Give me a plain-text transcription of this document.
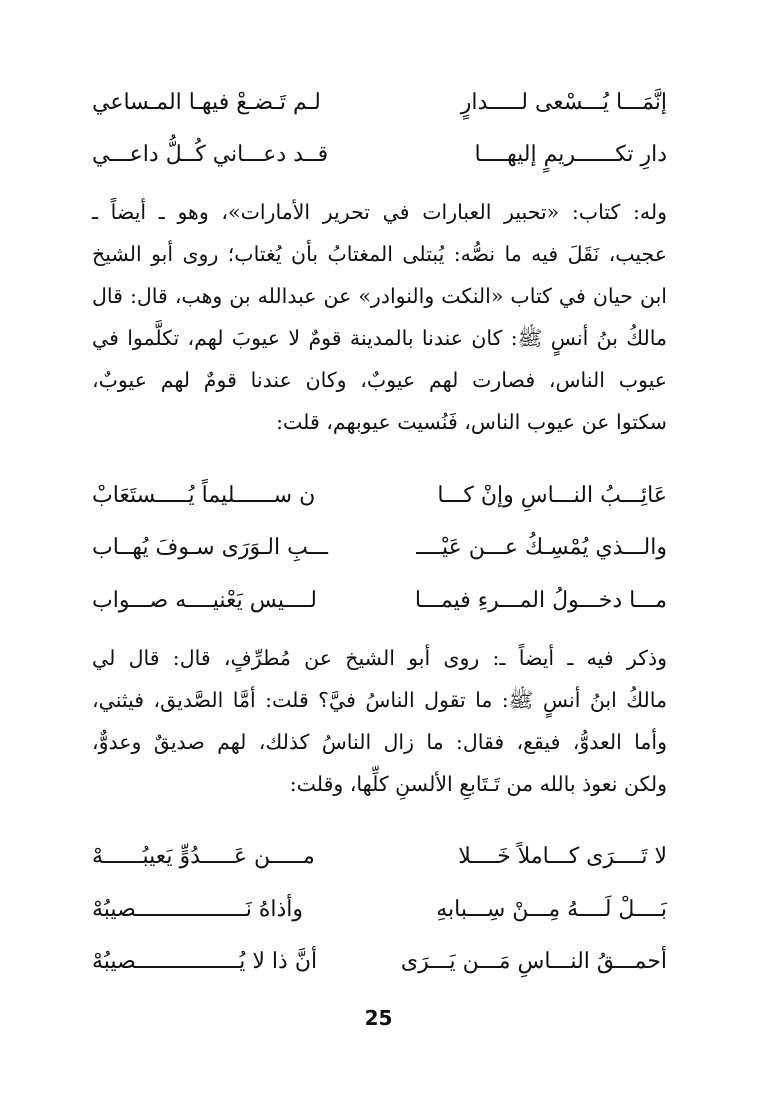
إنَّمَـــا يُـــسْعى لـــــدارٍ
لـم تَـضـعْ فيهـا المـساعي
دارِ تكــــــريمٍ إليهــــا
قــد دعـــاني كُــلُّ داعـــي
وله: كتاب: «تحبير العبارات في تحرير الأمارات»، وهو ـ أيضاً ـ
عجيب، نَقَلَ فيه ما نصُّه: يُبتلى المغتابُ بأن يُغتاب؛ روى أبو الشيخ
ابن حيان في كتاب «النكت والنوادر» عن عبدالله بن وهب، قال: قال
مالكُ بنُ أنسٍ ﷺ: كان عندنا بالمدينة قومٌ لا عيوبَ لهم، تكلَّموا في
عيوب الناس، فصارت لهم عيوبٌ، وكان عندنا قومٌ لهم عيوبٌ،
سكتوا عن عيوب الناس، فَنُسيت عيوبهم، قلت:
عَائِـــبُ النـــاسِ وإنْ كـــا
ن ســــــليماً يُـــــستَعَابْ
والـــذي يُمْسِـكُ عـــن عَيْــــ
ـــبِ الـوَرَى سـوفَ يُهــاب
مـــا دخـــولُ المـــرءِ فيمـــا
لــــيس يَعْنيــــه صـــواب
وذكر فيه ـ أيضاً ـ: روى أبو الشيخ عن مُطرِّفٍ، قال: قال لي
مالكُ ابنُ أنسٍ ﷺ: ما تقول الناسُ فيَّ؟ قلت: أمَّا الصَّديق، فيثني،
وأما العدوُّ، فيقع، فقال: ما زال الناسُ كذلك، لهم صديقٌ وعدوٌّ،
ولكن نعوذ بالله من تَـتَابعِ الألسنِ كلِّها، وقلت:
لا تَــــرَى كـــاملاً خَــــلا
مـــــن عَـــــدُوٍّ يَعيبُــــــهْ
بَــــلْ لَــــهُ مِـــنْ سِـــبابهِ
وأذاهُ نَـــــــــــــــــصيبُهْ
أحمـــقُ النـــاسِ مَـــن يَـــرَى
أنَّ ذا لا يُــــــــــــــــصيبُهْ
25
